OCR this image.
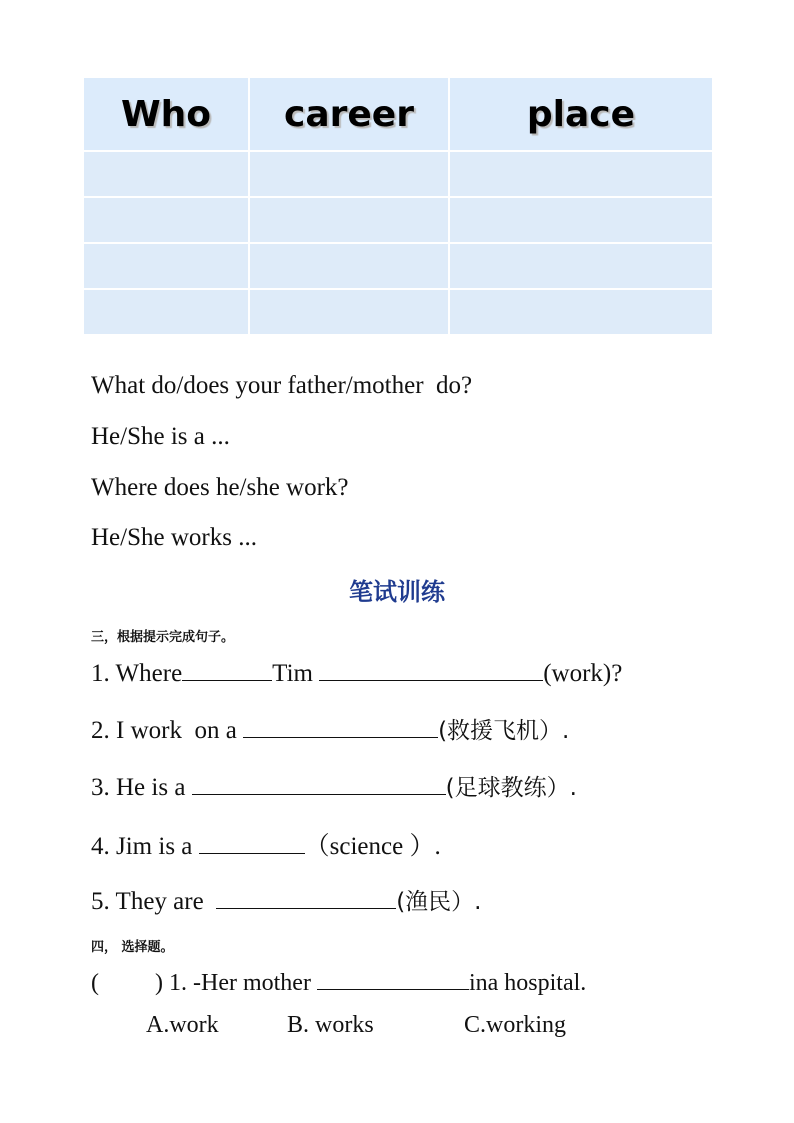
Who	career	place

What do/does your father/mother  do?

He/She is a ...

Where does he/she work?

He/She works ...

笔试训练

三，根据提示完成句子。

1. Where	Tim	(work)?

2. I work  on a	(救援飞机）.

3. He is a	(足球教练）.

4. Jim is a	（science ）.

5. They are	(渔民）.

四， 选择题。

( ) 1. -Her mother	ina hospital.

A.work	B. works	C.working
